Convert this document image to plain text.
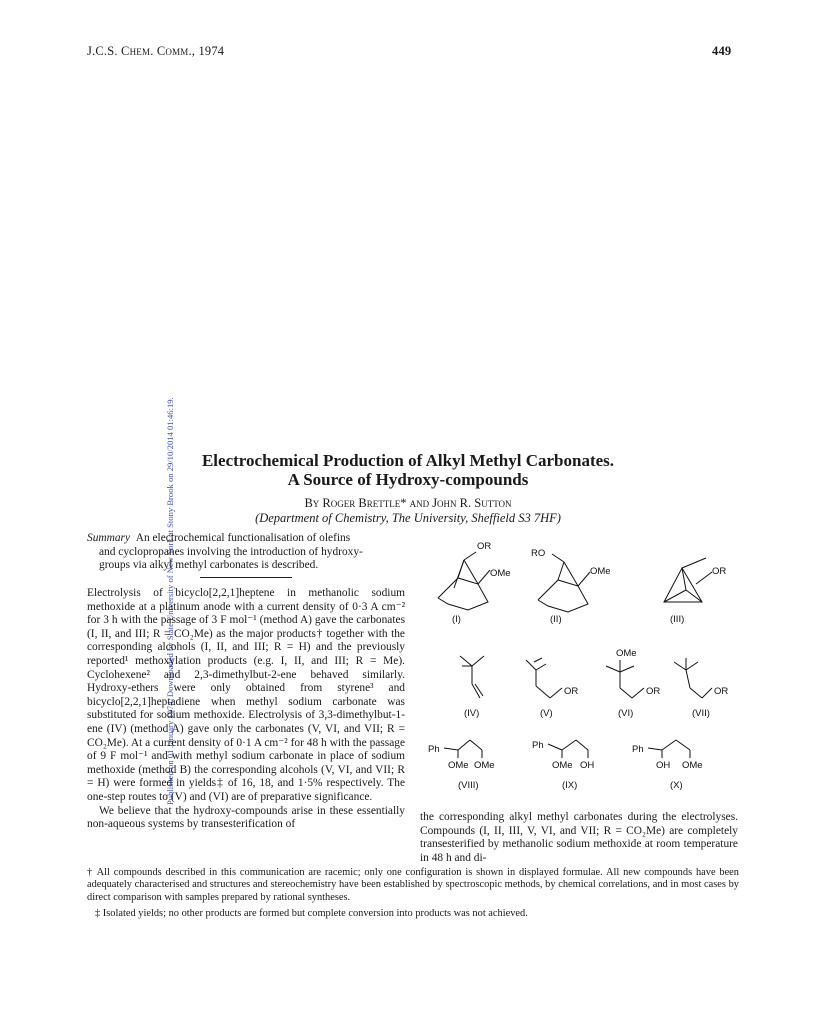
J.C.S. Chem. Comm., 1974	449
Published on 01 January 1974. Downloaded by State University of New York at Stony Brook on 29/10/2014 01:46:19.	Electrochemical Production of Alkyl Methyl Carbonates.
A Source of Hydroxy-compounds
By Roger Brettle* and John R. Sutton
(Department of Chemistry, The University, Sheffield S3 7HF)
Summary An electrochemical functionalisation of olefins
and cyclopropanes involving the introduction of hydroxy-
groups via alkyl methyl carbonates is described.

Electrolysis of bicyclo[2,2,1]heptene in methanolic sodium methoxide at a platinum anode with a current density of 0·3 A cm⁻² for 3 h with the passage of 3 F mol⁻¹ (method A) gave the carbonates (I, II, and III; R = CO₂Me) as the major products† together with the corresponding alcohols (I, II, and III; R = H) and the previously reported¹ methoxylation products (e.g. I, II, and III; R = Me). Cyclohexene² and 2,3-dimethylbut-2-ene behaved similarly. Hydroxy-ethers were only obtained from styrene³ and bicyclo[2,2,1]heptadiene when methyl sodium carbonate was substituted for sodium methoxide. Electrolysis of 3,3-dimethylbut-1-ene (IV) (method A) gave only the carbonates (V, VI, and VII; R = CO₂Me). At a current density of 0·1 A cm⁻² for 48 h with the passage of 9 F mol⁻¹ and with methyl sodium carbonate in place of sodium methoxide (method B) the corresponding alcohols (V, VI, and VII; R = H) were formed in yields‡ of 16, 18, and 1·5% respectively. The one-step routes to (V) and (VI) are of preparative significance.

We believe that the hydroxy-compounds arise in these essentially non-aqueous systems by transesterification of

the corresponding alkyl methyl carbonates during the electrolyses. Compounds (I, II, III, V, VI, and VII; R = CO₂Me) are completely transesterified by methanolic sodium methoxide at room temperature in 48 h and di-

OR
OMe
(I)
RO
OMe
(II)
OR
(III)
(IV)
OR
(V)
OMe
OR
(VI)
OR
(VII)
Ph
OMe OMe
(VIII)
Ph
OMe OH
(IX)
Ph
OH OMe
(X)

† All compounds described in this communication are racemic; only one configuration is shown in displayed formulae. All new compounds have been adequately characterised and structures and stereochemistry have been established by spectroscopic methods, by chemical correlations, and in most cases by direct comparison with samples prepared by rational syntheses.

‡ Isolated yields; no other products are formed but complete conversion into products was not achieved.
